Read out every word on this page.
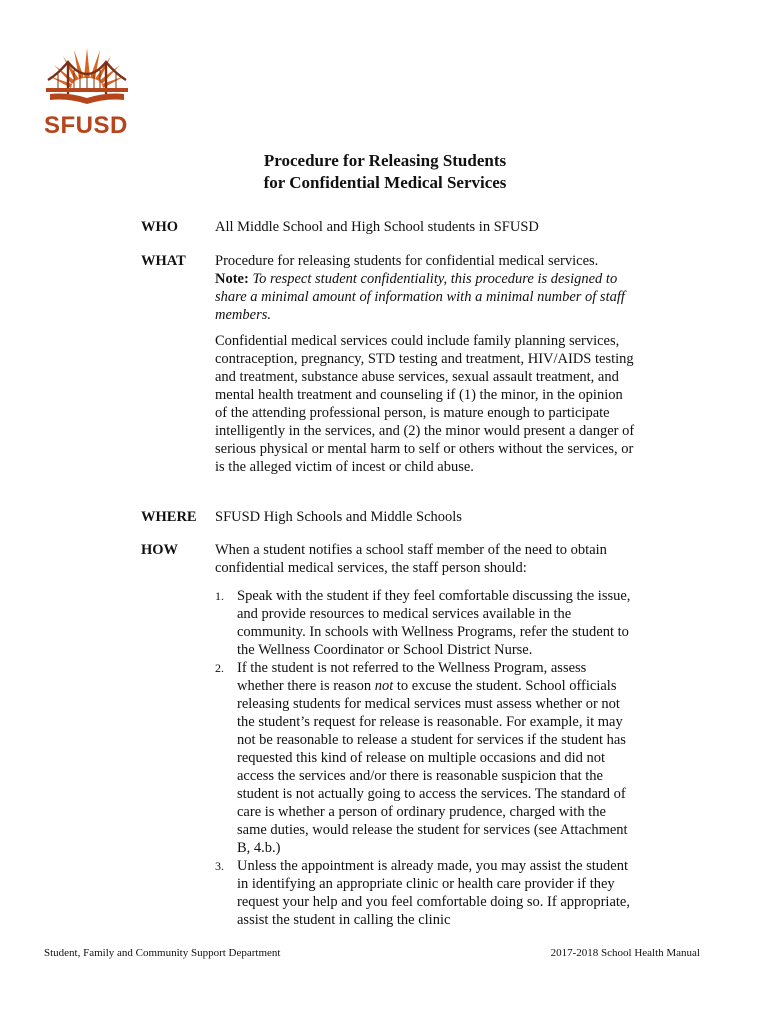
SFUSD
Procedure for Releasing Students
for Confidential Medical Services
WHO	All Middle School and High School students in SFUSD
WHAT Procedure for releasing students for confidential medical services. Note: To respect student confidentiality, this procedure is designed to share a minimal amount of information with a minimal number of staff members.

Confidential medical services could include family planning services, contraception, pregnancy, STD testing and treatment, HIV/AIDS testing and treatment, substance abuse services, sexual assault treatment, and mental health treatment and counseling if (1) the minor, in the opinion of the attending professional person, is mature enough to participate intelligently in the services, and (2) the minor would present a danger of serious physical or mental harm to self or others without the services, or is the alleged victim of incest or child abuse.

WHERE SFUSD High Schools and Middle Schools
HOW	When a student notifies a school staff member of the need to obtain confidential medical services, the staff person should:

1. Speak with the student if they feel comfortable discussing the issue, and provide resources to medical services available in the community. In schools with Wellness Programs, refer the student to the Wellness Coordinator or School District Nurse.
2. If the student is not referred to the Wellness Program, assess whether there is reason not to excuse the student. School officials releasing students for medical services must assess whether or not the student’s request for release is reasonable. For example, it may not be reasonable to release a student for services if the student has requested this kind of release on multiple occasions and did not access the services and/or there is reasonable suspicion that the student is not actually going to access the services. The standard of care is whether a person of ordinary prudence, charged with the same duties, would release the student for services (see Attachment B, 4.b.)
3. Unless the appointment is already made, you may assist the student in identifying an appropriate clinic or health care provider if they request your help and you feel comfortable doing so. If appropriate, assist the student in calling the clinic
Student, Family and Community Support Department	2017-2018 School Health Manual
